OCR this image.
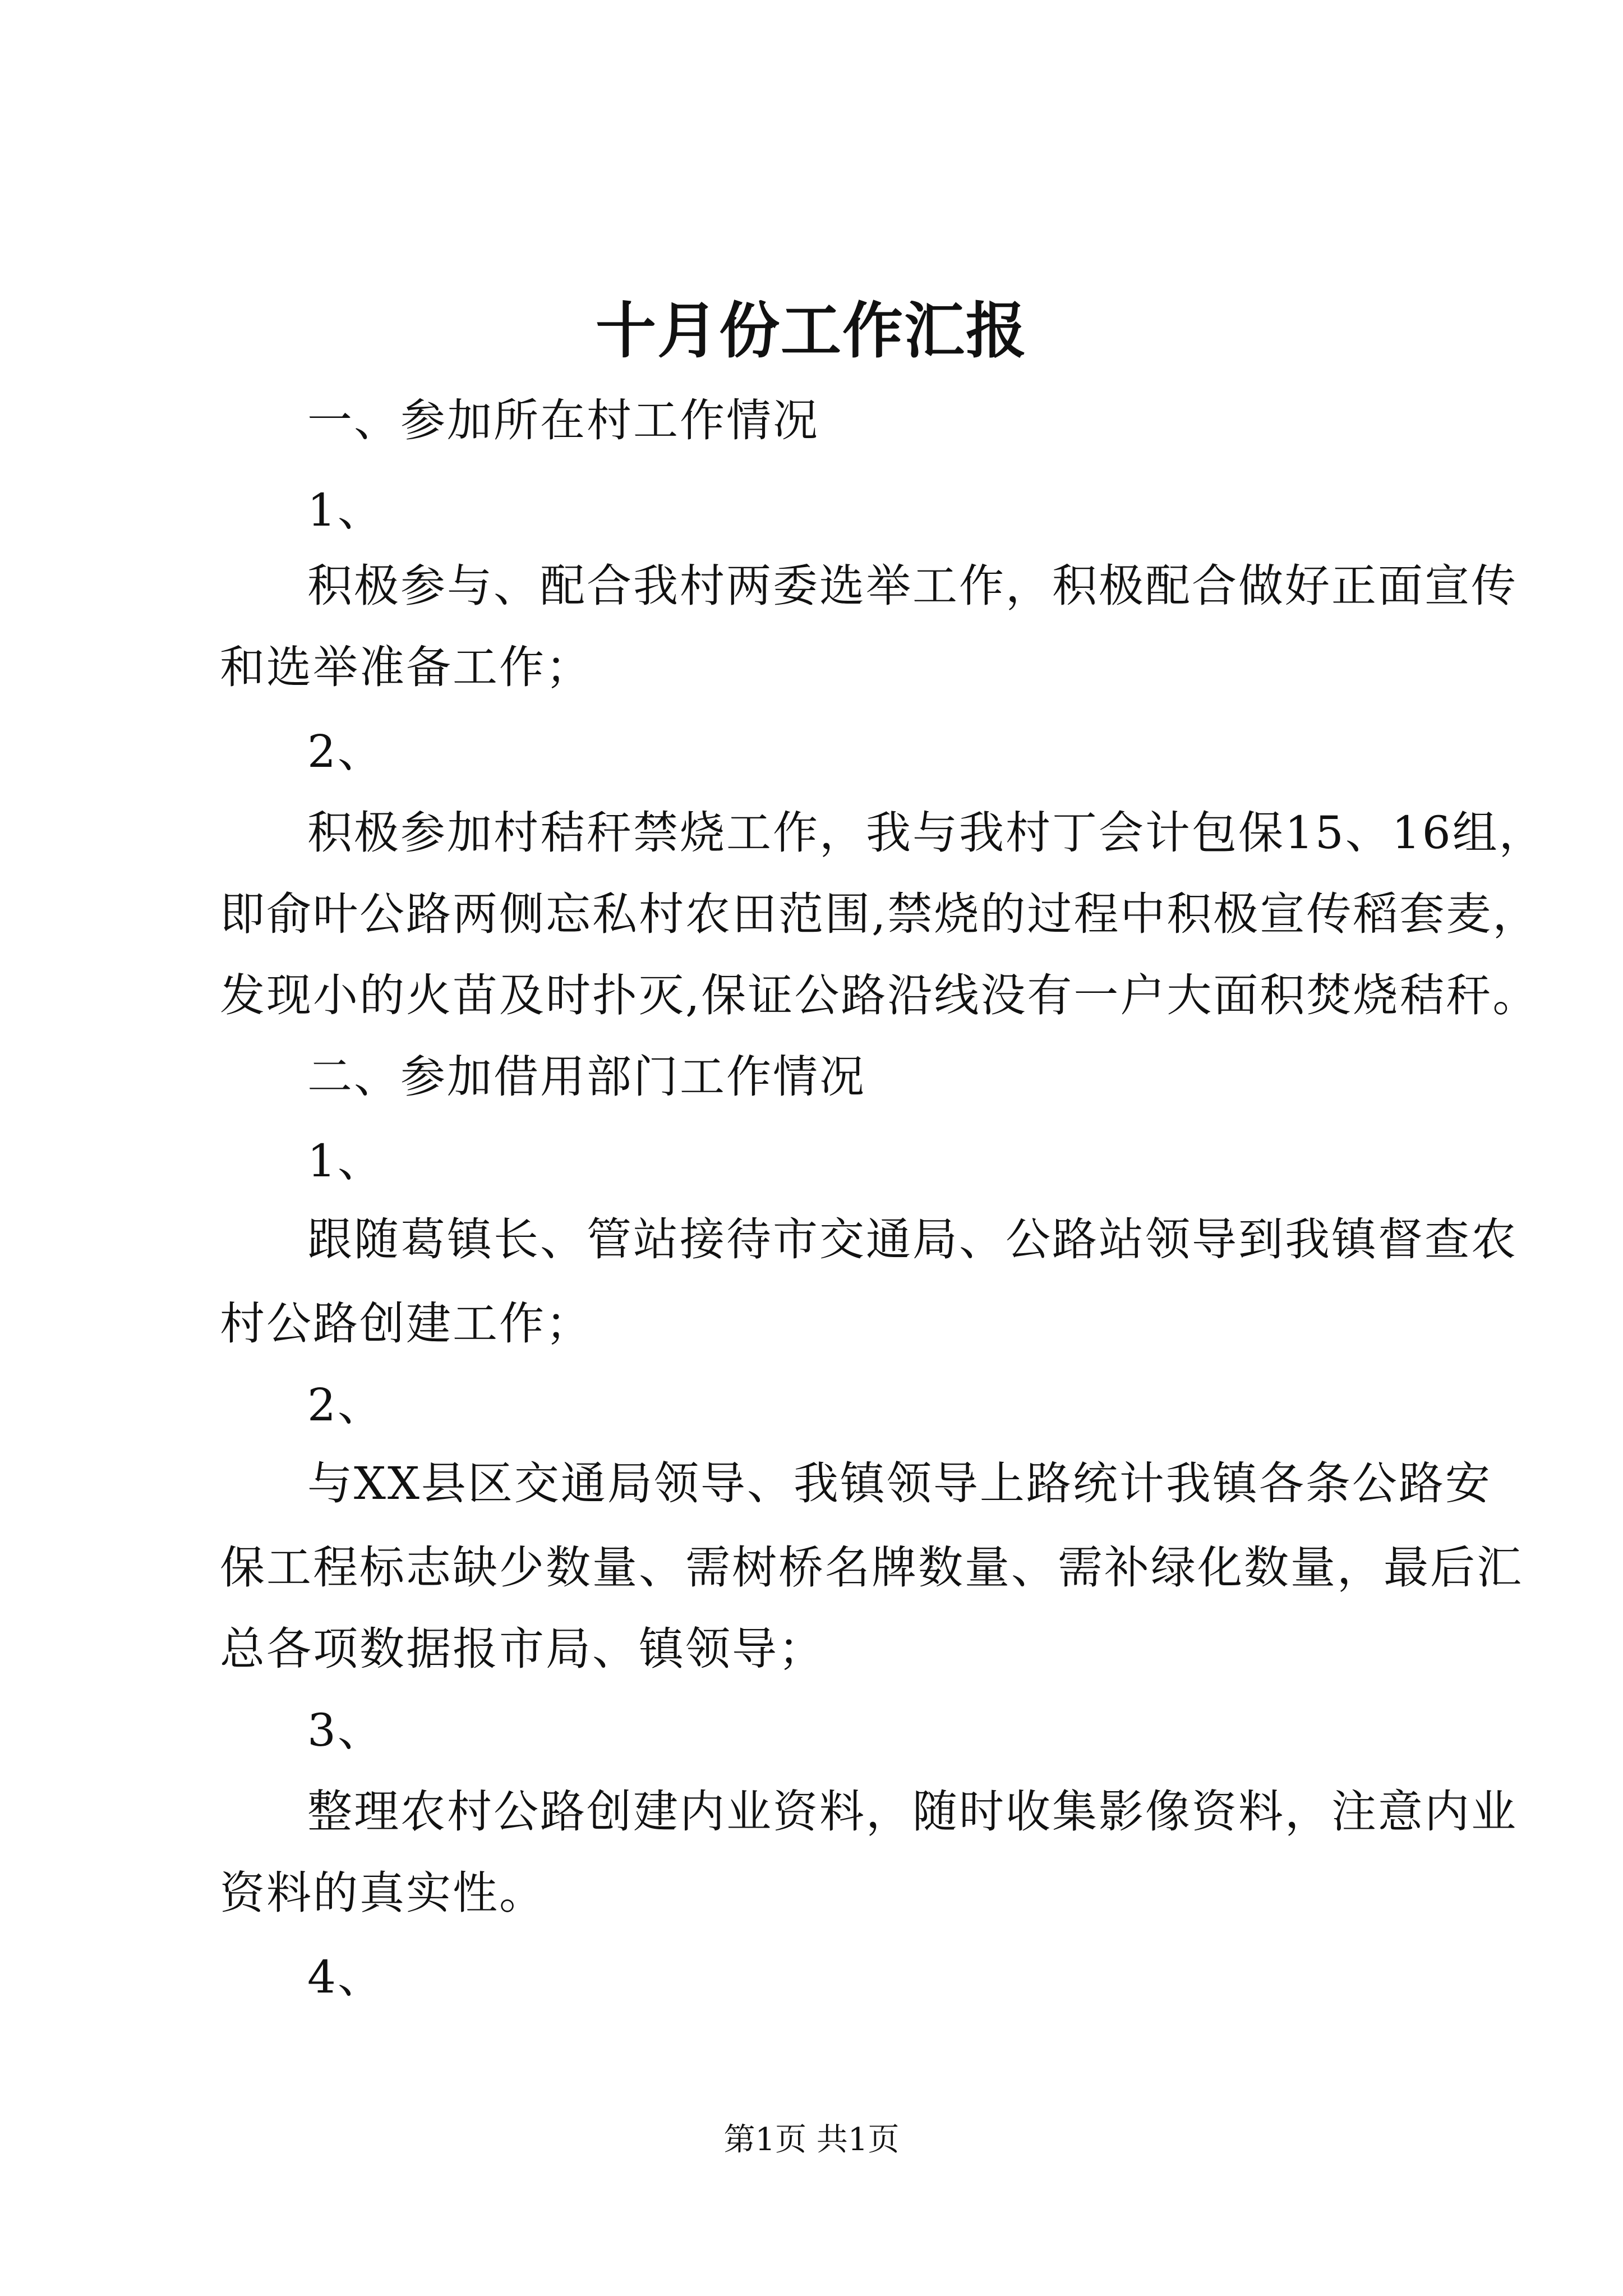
十月份工作汇报
一、参加所在村工作情况
1、
积极参与、配合我村两委选举工作，积极配合做好正面宣传
和选举准备工作；
2、
积极参加村秸秆禁烧工作，我与我村丁会计包保15、16组，
即俞叶公路两侧忘私村农田范围,禁烧的过程中积极宣传稻套麦，
发现小的火苗及时扑灭,保证公路沿线没有一户大面积焚烧秸秆。
二、参加借用部门工作情况
1、
跟随葛镇长、管站接待市交通局、公路站领导到我镇督查农
村公路创建工作；
2、
与XX县区交通局领导、我镇领导上路统计我镇各条公路安
保工程标志缺少数量、需树桥名牌数量、需补绿化数量，最后汇
总各项数据报市局、镇领导；
3、
整理农村公路创建内业资料，随时收集影像资料，注意内业
资料的真实性。
4、
第1页 共1页
